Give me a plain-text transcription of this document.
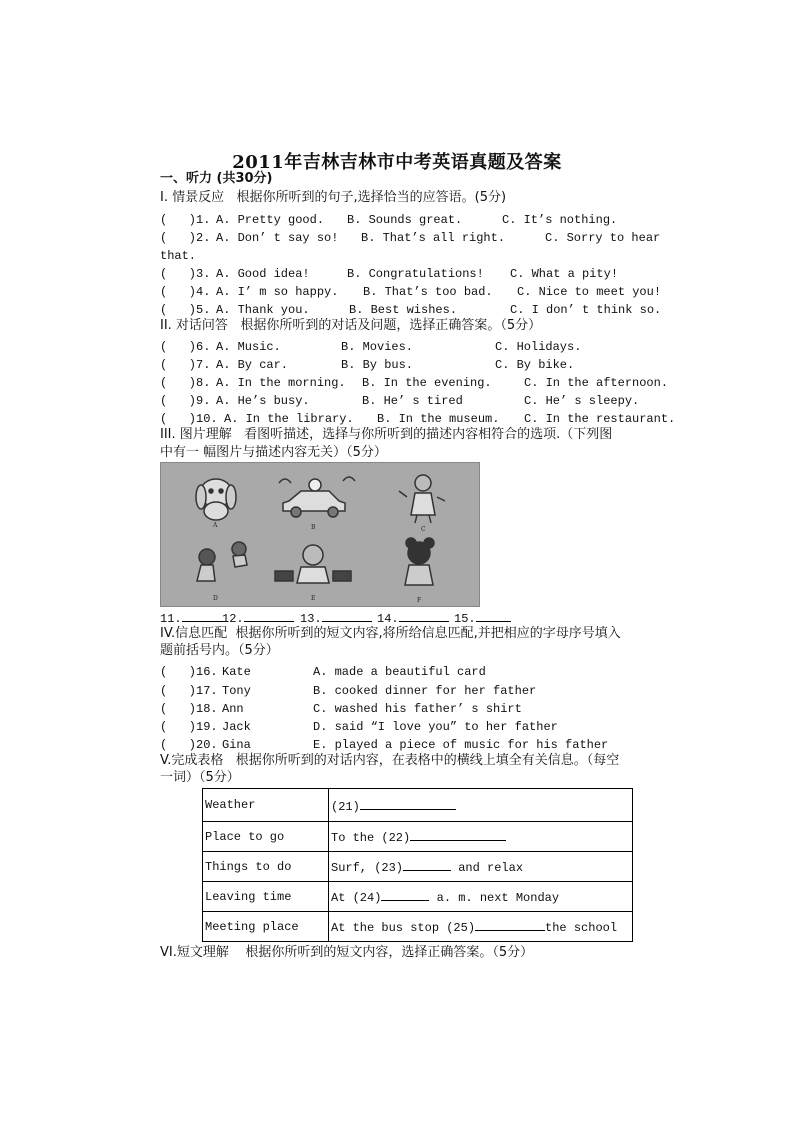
2011年吉林吉林市中考英语真题及答案
一、听力 (共30分)
I. 情景反应   根据你所听到的句子,选择恰当的应答语。(5分)
(   )1. A. Pretty good. B. Sounds great.	C. It’s nothing.
(   )2. A. Don’ t say so! B. That’s all right.	C. Sorry to hear
that.
(   )3. A. Good idea!	B. Congratulations! C. What a pity!
(   )4. A. I’ m so happy. B. That’s too bad. C. Nice to meet you!
(   )5. A. Thank you.	B. Best wishes.	C. I don’ t think so.
II. 对话问答   根据你所听到的对话及问题，选择正确答案。（5分）
(   )6. A. Music.	B. Movies.	C. Holidays.
(   )7. A. By car.	B. By bus.	C. By bike.
(   )8. A. In the morning. B. In the evening.	C. In the afternoon.
(   )9. A. He’s busy.	B. He’ s tired	C. He’ s sleepy.
(   )10. A. In the library. B. In the museum. C. In the restaurant.
III. 图片理解   看图听描述，选择与你所听到的描述内容相符合的选项.（下列图
中有一 幅图片与描述内容无关）（5分）
A	B	C
D	E	F
11.	12.	13.	14.	15.
IV.信息匹配  根据你所听到的短文内容,将所给信息匹配,并把相应的字母序号填入
题前括号内。（5分）
(   )16. Kate	A. made a beautiful card
(   )17. Tony	B. cooked dinner for her father
(   )18. Ann	C. washed his father’ s shirt
(   )19. Jack	D. said “I love you” to her father
(   )20. Gina	E. played a piece of music for his father
V.完成表格   根据你所听到的对话内容，在表格中的横线上填全有关信息。（每空
一词）（5分）
Weather	(21)
Place to go	To the (22)
Things to do	Surf, (23) and relax
Leaving time	At (24) a. m. next Monday
Meeting place	At the bus stop (25) the school
VI.短文理解    根据你所听到的短文内容，选择正确答案。（5分）
